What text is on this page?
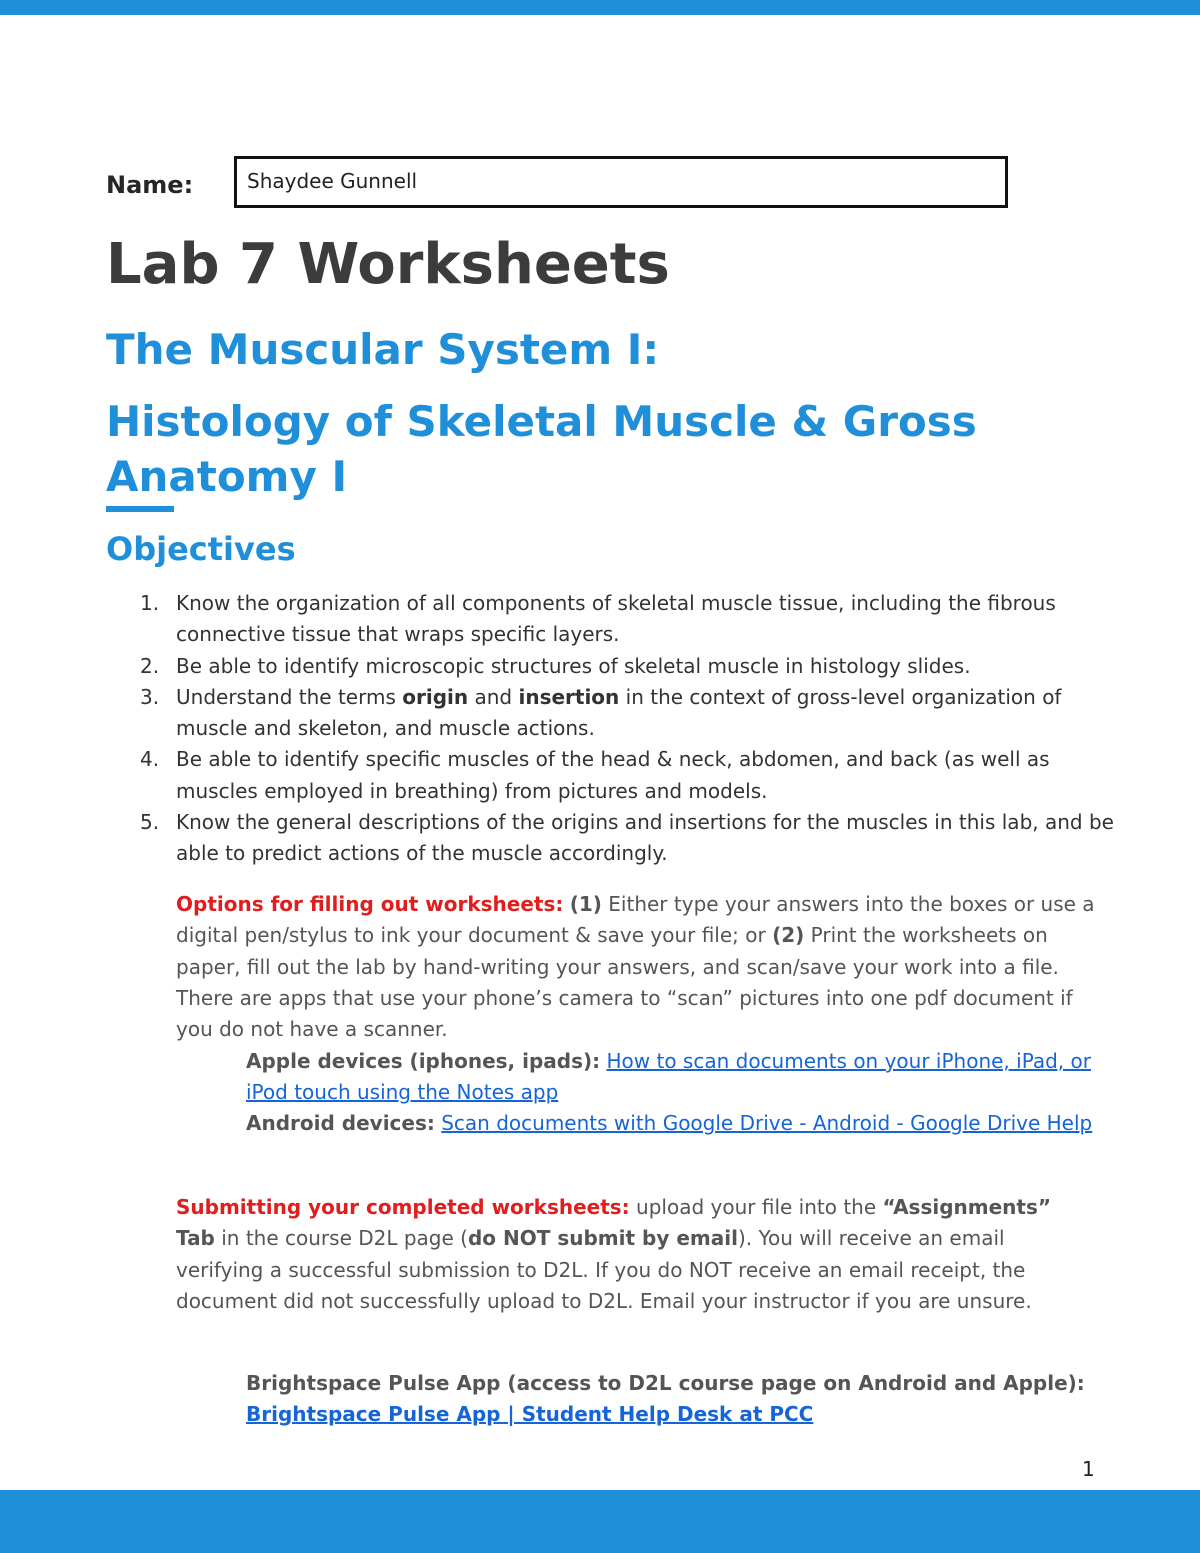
Name:	Shaydee Gunnell
Lab 7 Worksheets
The Muscular System I:
Histology of Skeletal Muscle & Gross Anatomy I
Objectives
1. Know the organization of all components of skeletal muscle tissue, including the fibrous connective tissue that wraps specific layers.
2. Be able to identify microscopic structures of skeletal muscle in histology slides.
3. Understand the terms origin and insertion in the context of gross-level organization of muscle and skeleton, and muscle actions.
4. Be able to identify specific muscles of the head & neck, abdomen, and back (as well as muscles employed in breathing) from pictures and models.
5. Know the general descriptions of the origins and insertions for the muscles in this lab, and be able to predict actions of the muscle accordingly.

Options for filling out worksheets: (1) Either type your answers into the boxes or use a digital pen/stylus to ink your document & save your file; or (2) Print the worksheets on paper, fill out the lab by hand-writing your answers, and scan/save your work into a file. There are apps that use your phone’s camera to “scan” pictures into one pdf document if you do not have a scanner.

Apple devices (iphones, ipads): How to scan documents on your iPhone, iPad, or iPod touch using the Notes app

Android devices: Scan documents with Google Drive - Android - Google Drive Help

Submitting your completed worksheets: upload your file into the “Assignments” Tab in the course D2L page (do NOT submit by email). You will receive an email verifying a successful submission to D2L. If you do NOT receive an email receipt, the document did not successfully upload to D2L. Email your instructor if you are unsure.

Brightspace Pulse App (access to D2L course page on Android and Apple): Brightspace Pulse App | Student Help Desk at PCC

1
